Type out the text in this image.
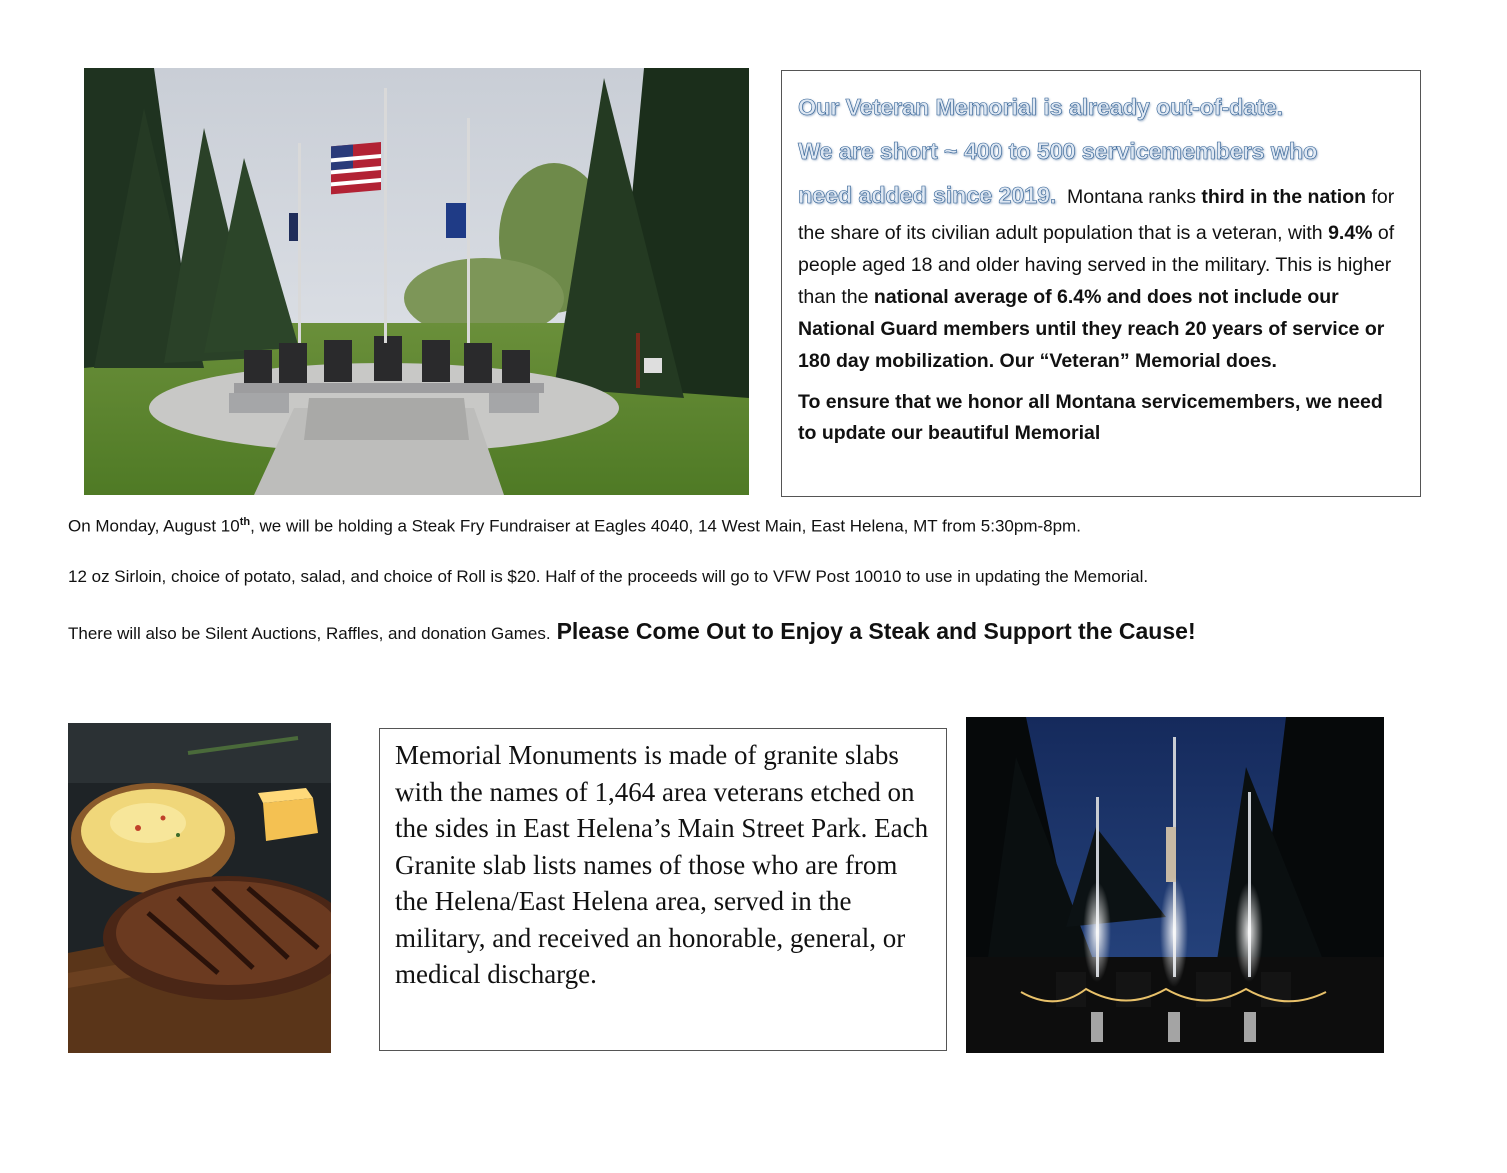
Our Veteran Memorial is already out-of-date.
We are short ~ 400 to 500 servicemembers who
need added since 2019. Montana ranks third in the nation for the share of its civilian adult population that is a veteran, with 9.4% of people aged 18 and older having served in the military. This is higher than the national average of 6.4% and does not include our National Guard members until they reach 20 years of service or 180 day mobilization. Our “Veteran” Memorial does.
To ensure that we honor all Montana servicemembers, we need to update our beautiful Memorial
On Monday, August 10th, we will be holding a Steak Fry Fundraiser at Eagles 4040, 14 West Main, East Helena, MT from 5:30pm-8pm.
12 oz Sirloin, choice of potato, salad, and choice of Roll is $20. Half of the proceeds will go to VFW Post 10010 to use in updating the Memorial.
There will also be Silent Auctions, Raffles, and donation Games. Please Come Out to Enjoy a Steak and Support the Cause!
Memorial Monuments is made of granite slabs with the names of 1,464 area veterans etched on the sides in East Helena’s Main Street Park. Each Granite slab lists names of those who are from the Helena/East Helena area, served in the military, and received an honorable, general, or medical discharge.
